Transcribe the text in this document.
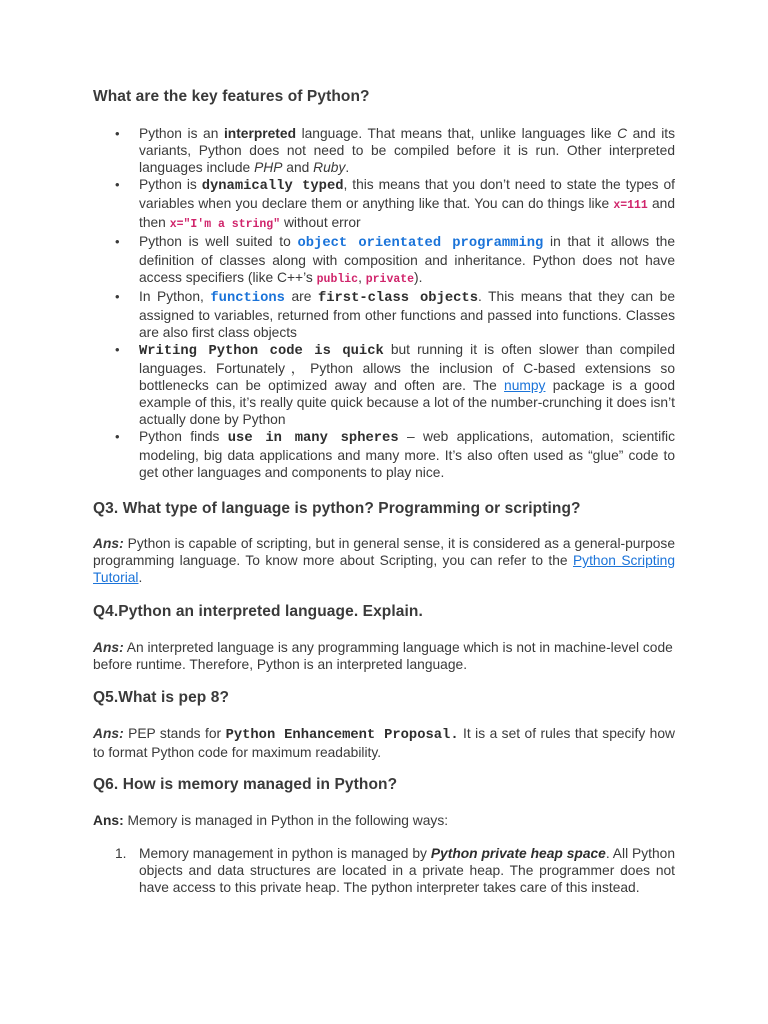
What are the key features of Python?
• Python is an interpreted language. That means that, unlike languages like C and its variants, Python does not need to be compiled before it is run. Other interpreted languages include PHP and Ruby.
• Python is dynamically typed, this means that you don’t need to state the types of variables when you declare them or anything like that. You can do things like x=111 and then x="I'm a string" without error
• Python is well suited to object orientated programming in that it allows the definition of classes along with composition and inheritance. Python does not have access specifiers (like C++’s public, private).
• In Python, functions are first-class objects. This means that they can be assigned to variables, returned from other functions and passed into functions. Classes are also first class objects
• Writing Python code is quick but running it is often slower than compiled languages. Fortunately，Python allows the inclusion of C-based extensions so bottlenecks can be optimized away and often are. The numpy package is a good example of this, it’s really quite quick because a lot of the number-crunching it does isn’t actually done by Python
• Python finds use in many spheres – web applications, automation, scientific modeling, big data applications and many more. It’s also often used as “glue” code to get other languages and components to play nice.
Q3. What type of language is python? Programming or scripting?

Ans: Python is capable of scripting, but in general sense, it is considered as a general-purpose programming language. To know more about Scripting, you can refer to the Python Scripting Tutorial.

Q4.Python an interpreted language. Explain.

Ans: An interpreted language is any programming language which is not in machine-level code before runtime. Therefore, Python is an interpreted language.

Q5.What is pep 8?

Ans: PEP stands for Python Enhancement Proposal. It is a set of rules that specify how to format Python code for maximum readability.

Q6. How is memory managed in Python?

Ans: Memory is managed in Python in the following ways:

1. Memory management in python is managed by Python private heap space. All Python objects and data structures are located in a private heap. The programmer does not have access to this private heap. The python interpreter takes care of this instead.
